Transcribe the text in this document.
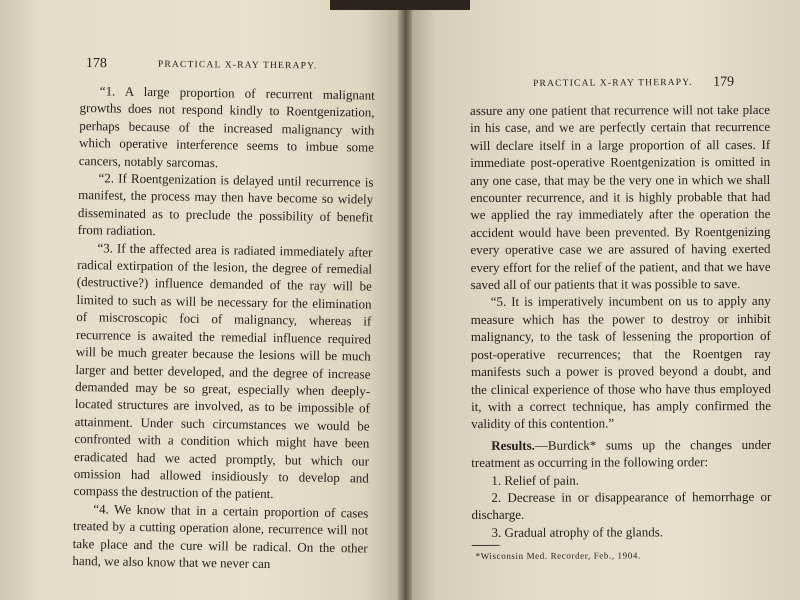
178	PRACTICAL X-RAY THERAPY.

“1. A large proportion of recurrent malignant growths does not respond kindly to Roentgenization, perhaps because of the increased malignancy with which operative interference seems to imbue some cancers, notably sarcomas.

“2. If Roentgenization is delayed until recurrence is manifest, the process may then have become so widely disseminated as to preclude the possibility of benefit from radiation.

“3. If the affected area is radiated immediately after radical extirpation of the lesion, the degree of remedial (destructive?) influence demanded of the ray will be limited to such as will be necessary for the elimination of miscroscopic foci of malignancy, whereas if recurrence is awaited the remedial influence required will be much greater because the lesions will be much larger and better developed, and the degree of increase demanded may be so great, especially when deeply-located structures are involved, as to be impossible of attainment. Under such circumstances we would be confronted with a condition which might have been eradicated had we acted promptly, but which our omission had allowed insidiously to develop and compass the destruction of the patient.

“4. We know that in a certain proportion of cases treated by a cutting operation alone, recurrence will not take place and the cure will be radical. On the other hand, we also know that we never can

PRACTICAL X-RAY THERAPY. 179

assure any one patient that recurrence will not take place in his case, and we are perfectly certain that recurrence will declare itself in a large proportion of all cases. If immediate post-operative Roentgenization is omitted in any one case, that may be the very one in which we shall encounter recurrence, and it is highly probable that had we applied the ray immediately after the operation the accident would have been prevented. By Roentgenizing every operative case we are assured of having exerted every effort for the relief of the patient, and that we have saved all of our patients that it was possible to save.

“5. It is imperatively incumbent on us to apply any measure which has the power to destroy or inhibit malignancy, to the task of lessening the proportion of post-operative recurrences; that the Roentgen ray manifests such a power is proved beyond a doubt, and the clinical experience of those who have thus employed it, with a correct technique, has amply confirmed the validity of this contention.”

Results.—Burdick* sums up the changes under treatment as occurring in the following order:

1. Relief of pain.

2. Decrease in or disappearance of hemorrhage or discharge.

3. Gradual atrophy of the glands.

*Wisconsin Med. Recorder, Feb., 1904.
